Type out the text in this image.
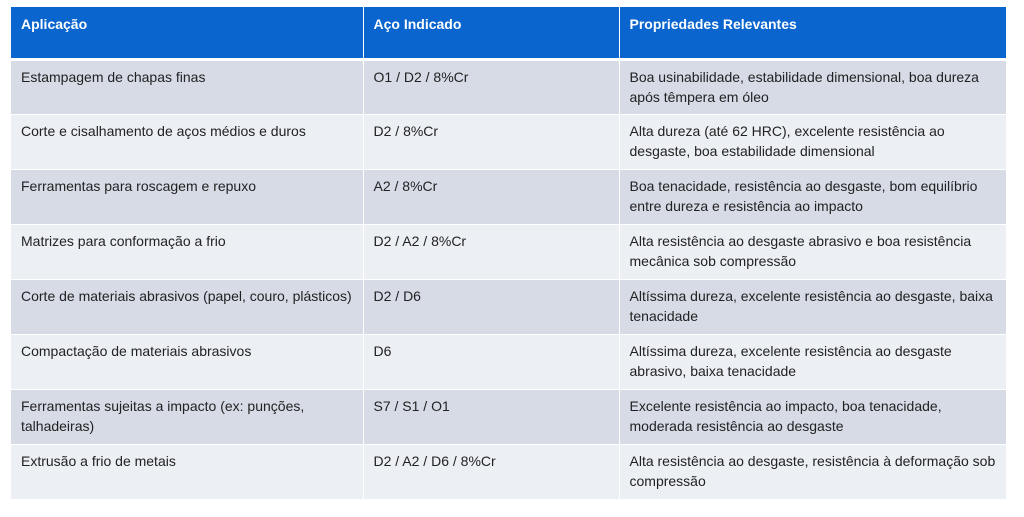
Aplicação	Aço Indicado	Propriedades Relevantes
Estampagem de chapas finas	O1 / D2 / 8%Cr	Boa usinabilidade, estabilidade dimensional, boa dureza após têmpera em óleo
Corte e cisalhamento de aços médios e duros	D2 / 8%Cr	Alta dureza (até 62 HRC), excelente resistência ao desgaste, boa estabilidade dimensional
Ferramentas para roscagem e repuxo	A2 / 8%Cr	Boa tenacidade, resistência ao desgaste, bom equilíbrio entre dureza e resistência ao impacto
Matrizes para conformação a frio	D2 / A2 / 8%Cr	Alta resistência ao desgaste abrasivo e boa resistência mecânica sob compressão
Corte de materiais abrasivos (papel, couro, plásticos)	D2 / D6	Altíssima dureza, excelente resistência ao desgaste, baixa tenacidade
Compactação de materiais abrasivos	D6	Altíssima dureza, excelente resistência ao desgaste abrasivo, baixa tenacidade
Ferramentas sujeitas a impacto (ex: punções, talhadeiras)	S7 / S1 / O1	Excelente resistência ao impacto, boa tenacidade, moderada resistência ao desgaste
Extrusão a frio de metais	D2 / A2 / D6 / 8%Cr	Alta resistência ao desgaste, resistência à deformação sob compressão
